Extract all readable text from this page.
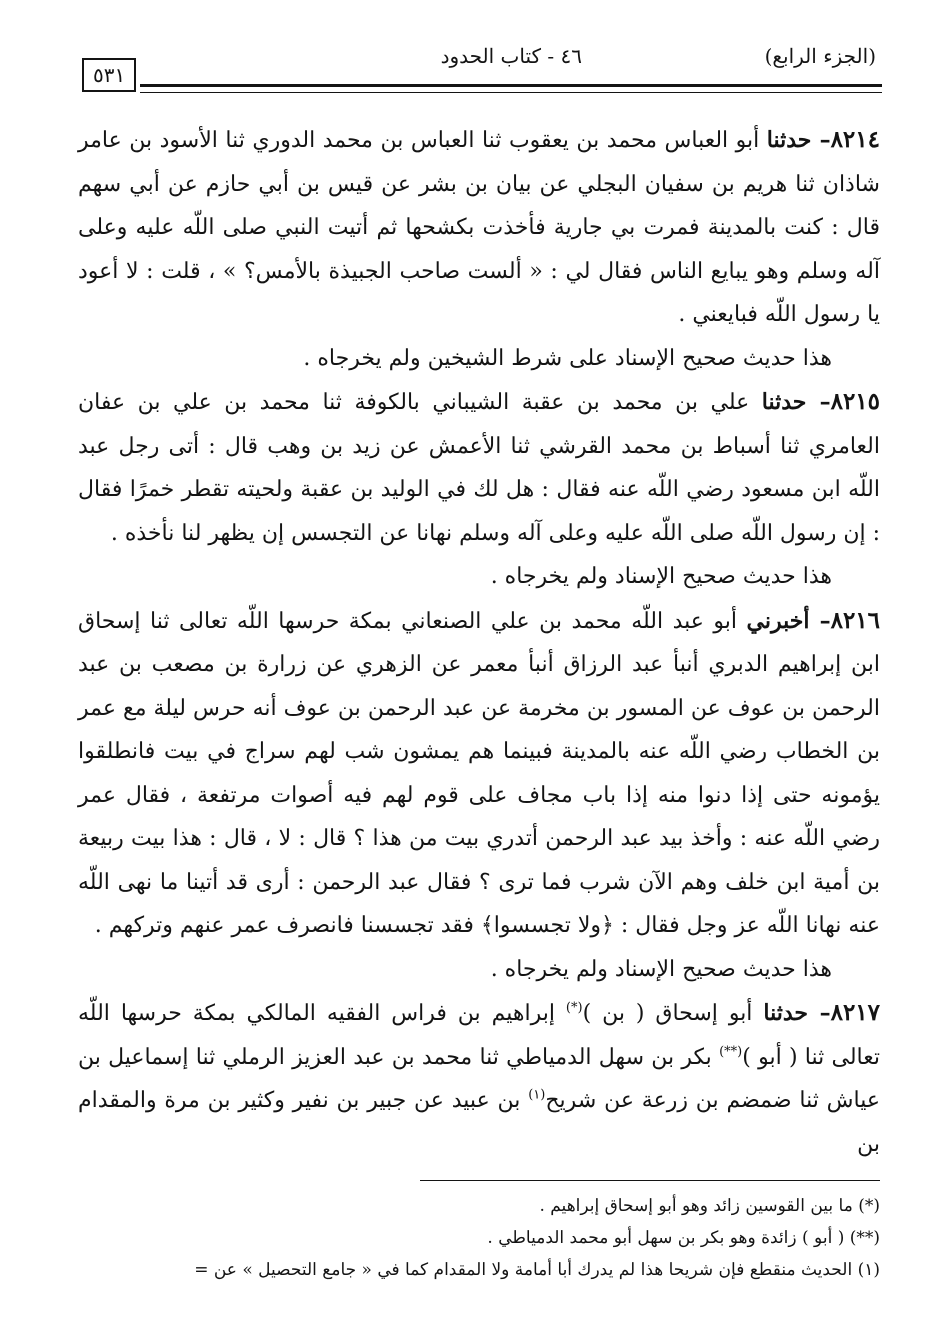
(الجزء الرابع)
٤٦ - كتاب الحدود
٥٣١

٨٢١٤– حدثنا أبو العباس محمد بن يعقوب ثنا العباس بن محمد الدوري ثنا الأسود بن عامر شاذان ثنا هريم بن سفيان البجلي عن بيان بن بشر عن قيس بن أبي حازم عن أبي سهم قال : كنت بالمدينة فمرت بي جارية فأخذت بكشحها ثم أتيت النبي صلى اللّه عليه وعلى آله وسلم وهو يبايع الناس فقال لي : « ألست صاحب الجبيذة بالأمس؟ » ، قلت : لا أعود يا رسول اللّه فبايعني .

هذا حديث صحيح الإسناد على شرط الشيخين ولم يخرجاه .

٨٢١٥– حدثنا علي بن محمد بن عقبة الشيباني بالكوفة ثنا محمد بن علي بن عفان العامري ثنا أسباط بن محمد القرشي ثنا الأعمش عن زيد بن وهب قال : أتى رجل عبد اللّه ابن مسعود رضي اللّه عنه فقال : هل لك في الوليد بن عقبة ولحيته تقطر خمرًا فقال : إن رسول اللّه صلى اللّه عليه وعلى آله وسلم نهانا عن التجسس إن يظهر لنا نأخذه .

هذا حديث صحيح الإسناد ولم يخرجاه .

٨٢١٦– أخبرني أبو عبد اللّه محمد بن علي الصنعاني بمكة حرسها اللّه تعالى ثنا إسحاق ابن إبراهيم الدبري أنبأ عبد الرزاق أنبأ معمر عن الزهري عن زرارة بن مصعب بن عبد الرحمن بن عوف عن المسور بن مخرمة عن عبد الرحمن بن عوف أنه حرس ليلة مع عمر بن الخطاب رضي اللّه عنه بالمدينة فبينما هم يمشون شب لهم سراج في بيت فانطلقوا يؤمونه حتى إذا دنوا منه إذا باب مجاف على قوم لهم فيه أصوات مرتفعة ، فقال عمر رضي اللّه عنه : وأخذ بيد عبد الرحمن أتدري بيت من هذا ؟ قال : لا ، قال : هذا بيت ربيعة بن أمية ابن خلف وهم الآن شرب فما ترى ؟ فقال عبد الرحمن : أرى قد أتينا ما نهى اللّه عنه نهانا اللّه عز وجل فقال : ﴿ولا تجسسوا﴾ فقد تجسسنا فانصرف عمر عنهم وتركهم .

هذا حديث صحيح الإسناد ولم يخرجاه .

٨٢١٧– حدثنا أبو إسحاق ( بن )(*) إبراهيم بن فراس الفقيه المالكي بمكة حرسها اللّه تعالى ثنا ( أبو )(**) بكر بن سهل الدمياطي ثنا محمد بن عبد العزيز الرملي ثنا إسماعيل بن عياش ثنا ضمضم بن زرعة عن شريح$^{(١)}$ بن عبيد عن جبير بن نفير وكثير بن مرة والمقدام بن

(*) ما بين القوسين زائد وهو أبو إسحاق إبراهيم .

(**) ( أبو ) زائدة وهو بكر بن سهل أبو محمد الدمياطي .

(١) الحديث منقطع فإن شريحا هذا لم يدرك أبا أمامة ولا المقدام كما في « جامع التحصيل » عن =
